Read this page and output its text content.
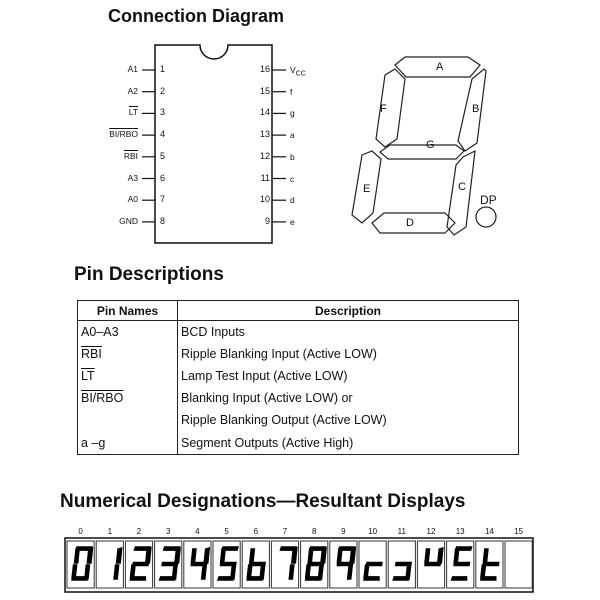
Connection Diagram
A1 1
A2 2
$\overline{LT}$ 3
BI/RBO 4
$\overline{RBI}$ 5
A3 6
A0 7
GND 8
16 $V_{CC}$
15 f
14 g
13 a
12 b
11 c
10 d
9 e
A
B
C
D
E
F
G
DP
Pin Descriptions
Pin Names	Description
A0–A3	BCD Inputs
$\overline{RBI}$	Ripple Blanking Input (Active LOW)
$\overline{LT}$	Lamp Test Input (Active LOW)
BI/RBO	Blanking Input (Active LOW) or
	Ripple Blanking Output (Active LOW)
a –g	Segment Outputs (Active High)
Numerical Designations—Resultant Displays
0	1	2	3	4	5	6	7	8	9	10	11	12	13	14	15
